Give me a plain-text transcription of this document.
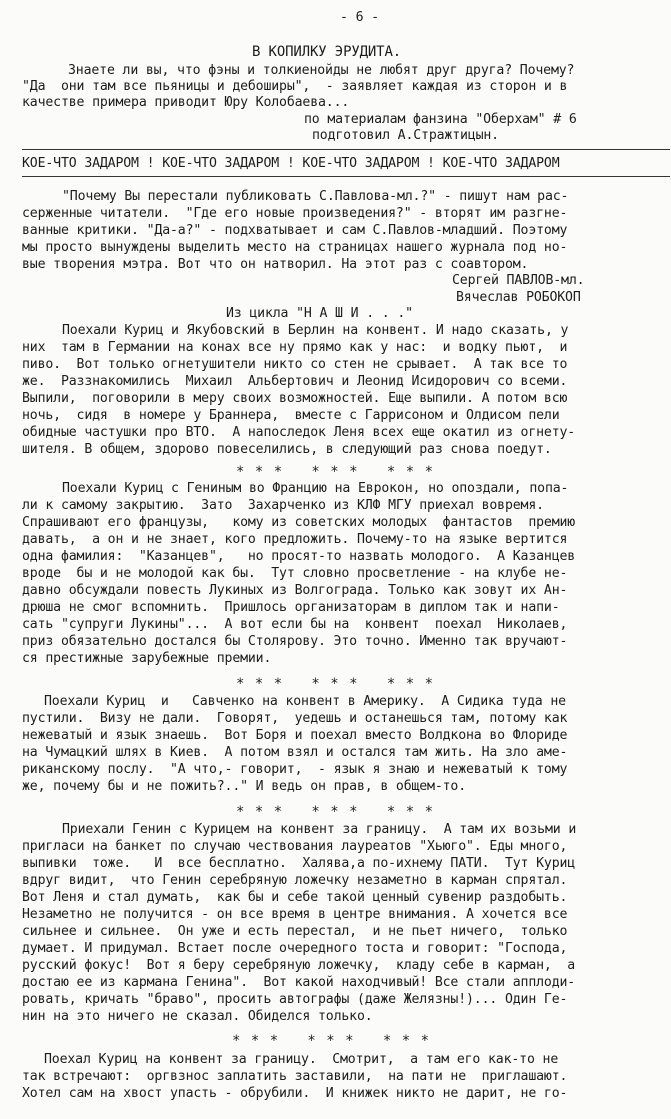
- 6 -
В КОПИЛКУ ЭРУДИТА.
Знаете ли вы, что фэны и толкиенойды не любят друг друга? Почему?
"Да  они там все пьяницы и дебоширы",  - заявляет каждая из сторон и в
качестве примера приводит Юру Колобаева...
по материалам фанзина "Оберхам" # 6
подготовил А.Стражтицын.
КОЕ-ЧТО ЗАДАРОМ ! КОЕ-ЧТО ЗАДАРОМ ! КОЕ-ЧТО ЗАДАРОМ ! КОЕ-ЧТО ЗАДАРОМ
"Почему Вы перестали публиковать С.Павлова-мл.?" - пишут нам рас-
серженные читатели.  "Где его новые произведения?" - вторят им разгне-
ванные критики. "Да-а?" - подхватывает и сам С.Павлов-младший. Поэтому
мы просто вынуждены выделить место на страницах нашего журнала под но-
вые творения мэтра. Вот что он натворил. На этот раз с соавтором.
Сергей ПАВЛОВ-мл.
Вячеслав РОБОКОП
Из цикла "Н А Ш И . . ."
Поехали Куриц и Якубовский в Берлин на конвент. И надо сказать, у
них  там в Германии на конах все ну прямо как у нас:  и водку пьют,  и
пиво.  Вот только огнетушители никто со стен не срывает.  А так все то
же.  Раззнакомились  Михаил  Альбертович и Леонид Исидорович со всеми.
Выпили,  поговорили в меру своих возможностей. Еще выпили. А потом всю
ночь,  сидя  в номере у Браннера,  вместе с Гаррисоном и Олдисом пели
обидные частушки про ВТО.  А напоследок Леня всех еще окатил из огнету-
шителя. В общем, здорово повеселились, в следующий раз снова поедут.
* * *   * * *   * * *
Поехали Куриц с Гениным во Францию на Еврокон, но опоздали, попа-
ли к самому закрытию.  Зато  Захарченко из КЛФ МГУ приехал вовремя.
Спрашивают его французы,   кому из советских молодых  фантастов  премию
давать,  а он и не знает, кого предложить. Почему-то на языке вертится
одна фамилия:  "Казанцев",   но просят-то назвать молодого.  А Казанцев
вроде  бы и не молодой как бы.  Тут словно просветление - на клубе не-
давно обсуждали повесть Лукиных из Волгограда. Только как зовут их Ан-
дрюша не смог вспомнить.  Пришлось организаторам в диплом так и напи-
сать "супруги Лукины"...  А вот если бы на  конвент  поехал  Николаев,
приз обязательно достался бы Столярову. Это точно. Именно так вручают-
ся престижные зарубежные премии.
* * *   * * *   * * *
Поехали Куриц  и   Савченко на конвент в Америку.  А Сидика туда не
пустили.  Визу не дали.  Говорят,  уедешь и останешься там, потому как
нежеватый и язык знаешь.  Вот Боря и поехал вместо Волдкона во Флориде
на Чумацкий шлях в Киев.  А потом взял и остался там жить. На зло аме-
риканскому послу.  "А что,- говорит,  - язык я знаю и нежеватый к тому
же, почему бы и не пожить?.." И ведь он прав, в общем-то.
* * *   * * *   * * *
Приехали Генин с Курицем на конвент за границу.  А там их возьми и
пригласи на банкет по случаю чествования лауреатов "Хьюго". Еды много,
выпивки  тоже.   И  все бесплатно.  Халява,а по-ихнему ПАТИ.  Тут Куриц
вдруг видит,  что Генин серебряную ложечку незаметно в карман спрятал.
Вот Леня и стал думать,  как бы и себе такой ценный сувенир раздобыть.
Незаметно не получится - он все время в центре внимания. А хочется все
сильнее и сильнее.  Он уже и есть перестал,  и не пьет ничего,  только
думает. И придумал. Встает после очередного тоста и говорит: "Господа,
русский фокус!  Вот я беру серебряную ложечку,  кладу себе в карман,  а
достаю ее из кармана Генина".  Вот какой находчивый! Все стали апплоди-
ровать, кричать "браво", просить автографы (даже Желязны!)... Один Ге-
нин на это ничего не сказал. Обиделся только.
* * *   * * *   * * *
Поехал Куриц на конвент за границу.  Смотрит,  а там его как-то не
так встречают:  оргвзнос заплатить заставили,  на пати не  приглашают.
Хотел сам на хвост упасть - обрубили.  И книжек никто не дарит, не го-
